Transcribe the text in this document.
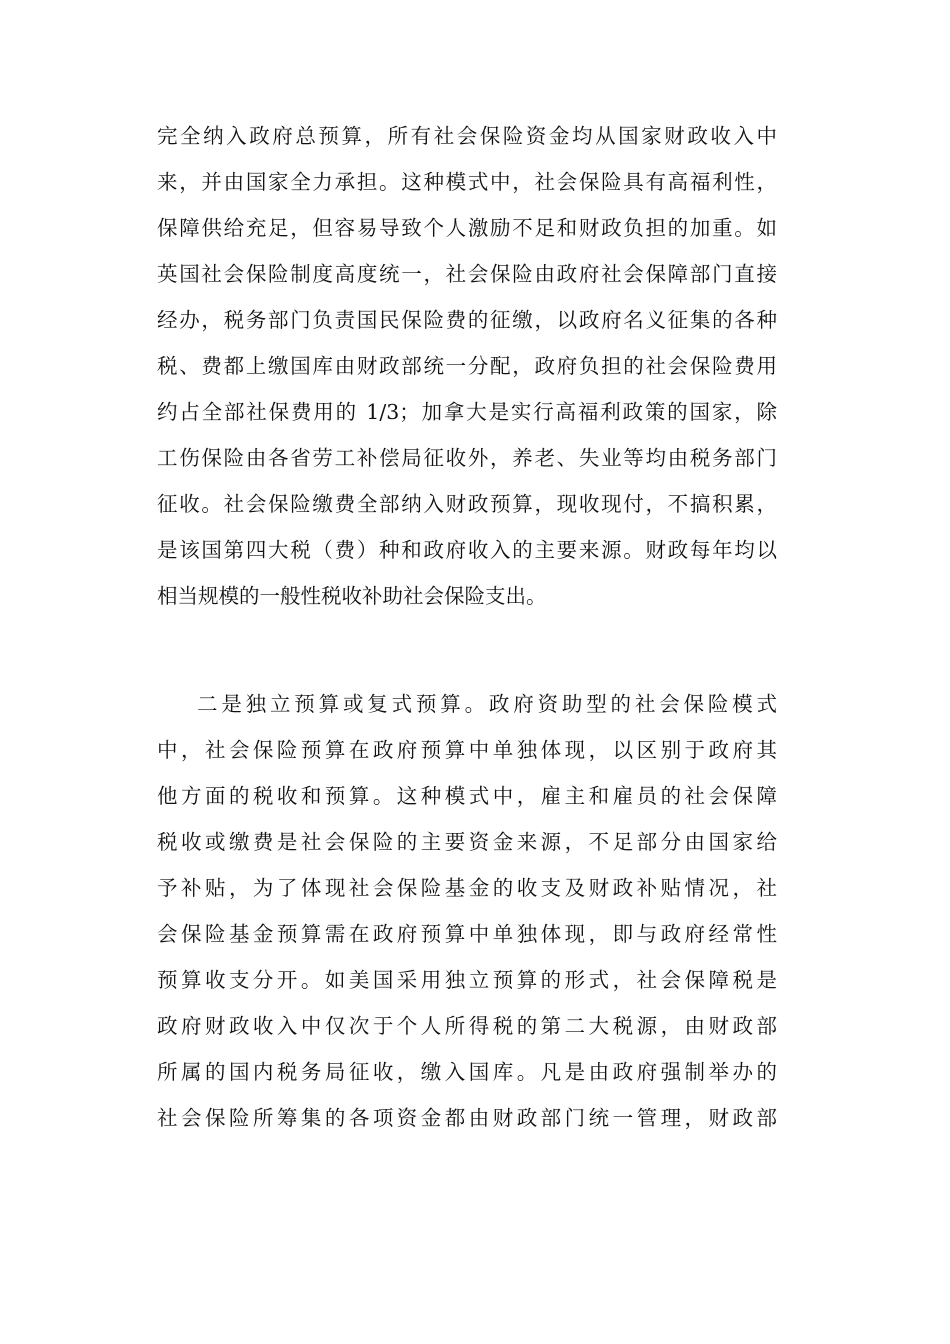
完全纳入政府总预算，所有社会保险资金均从国家财政收入中
来，并由国家全力承担。这种模式中，社会保险具有高福利性，
保障供给充足，但容易导致个人激励不足和财政负担的加重。如
英国社会保险制度高度统一，社会保险由政府社会保障部门直接
经办，税务部门负责国民保险费的征缴，以政府名义征集的各种
税、费都上缴国库由财政部统一分配，政府负担的社会保险费用
约占全部社保费用的 1/3；加拿大是实行高福利政策的国家，除
工伤保险由各省劳工补偿局征收外，养老、失业等均由税务部门
征收。社会保险缴费全部纳入财政预算，现收现付，不搞积累，
是该国第四大税（费）种和政府收入的主要来源。财政每年均以
相当规模的一般性税收补助社会保险支出。
二是独立预算或复式预算。政府资助型的社会保险模式
中，社会保险预算在政府预算中单独体现，以区别于政府其
他方面的税收和预算。这种模式中，雇主和雇员的社会保障
税收或缴费是社会保险的主要资金来源，不足部分由国家给
予补贴，为了体现社会保险基金的收支及财政补贴情况，社
会保险基金预算需在政府预算中单独体现，即与政府经常性
预算收支分开。如美国采用独立预算的形式，社会保障税是
政府财政收入中仅次于个人所得税的第二大税源，由财政部
所属的国内税务局征收，缴入国库。凡是由政府强制举办的
社会保险所筹集的各项资金都由财政部门统一管理，财政部
